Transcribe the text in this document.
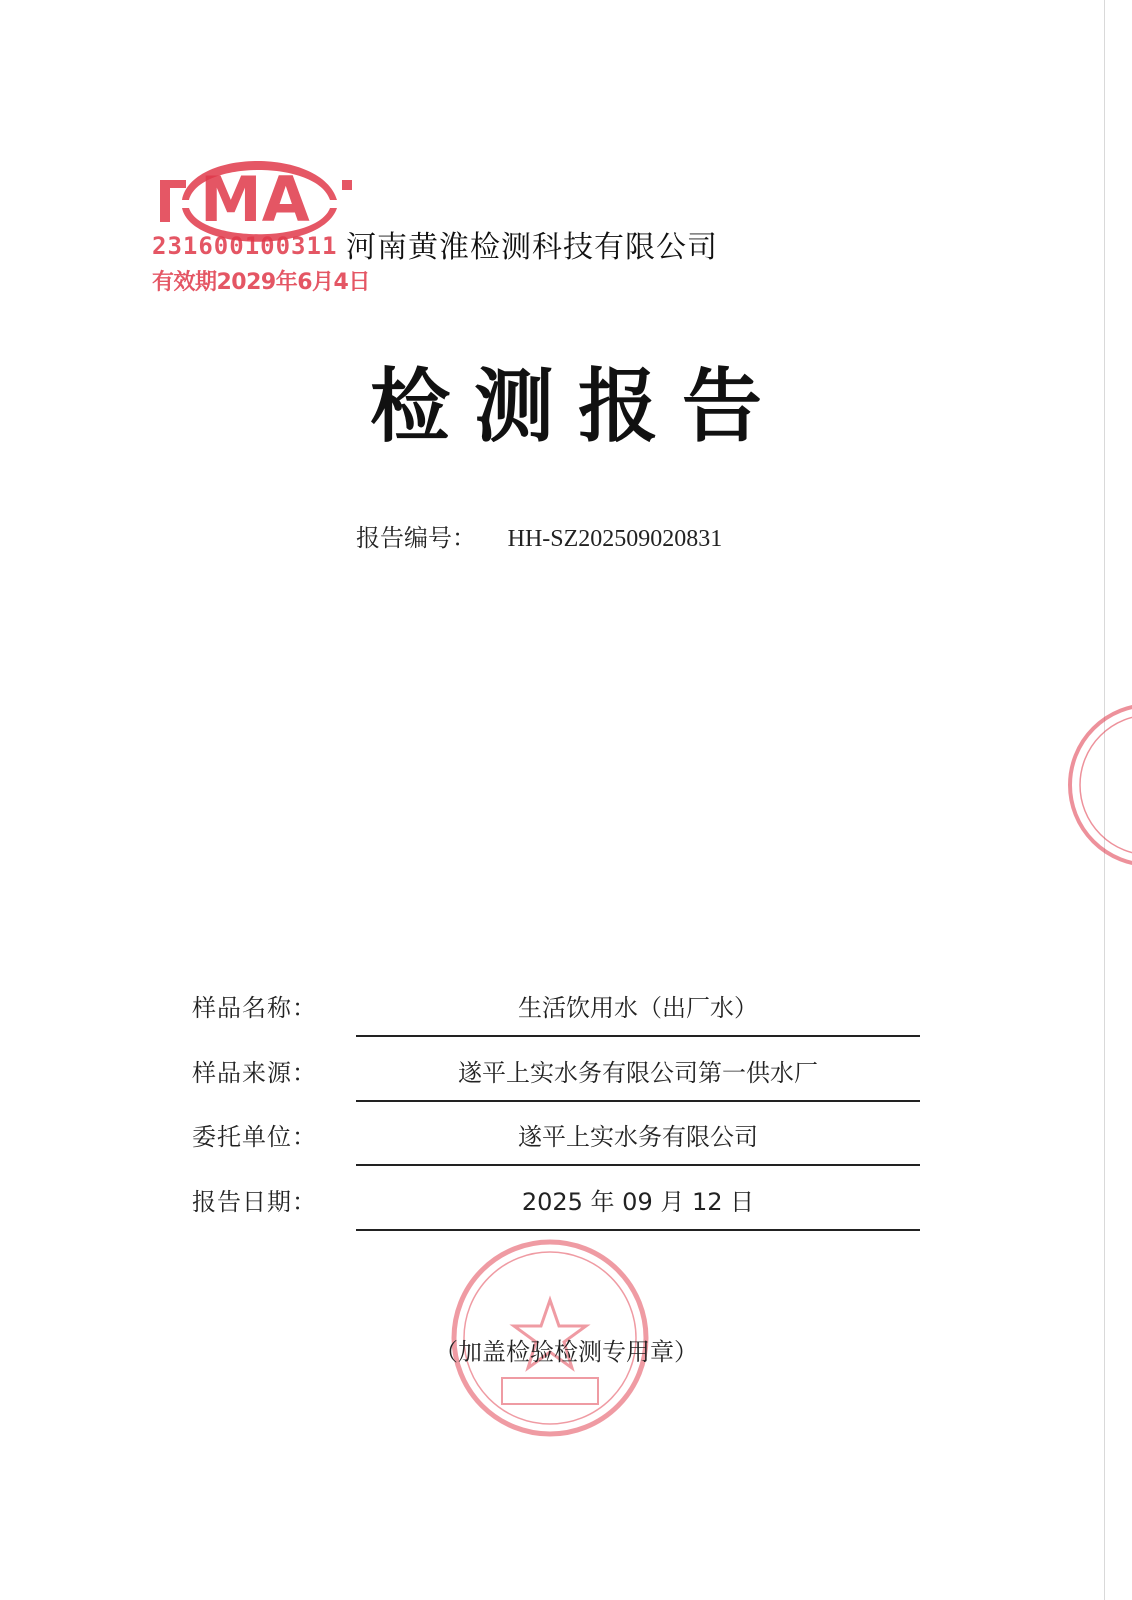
MA
231600100311
有效期2029年6月4日
河南黄淮检测科技有限公司
检测报告
报告编号： HH-SZ202509020831
样品名称：	生活饮用水（出厂水）
样品来源：	遂平上实水务有限公司第一供水厂
委托单位：	遂平上实水务有限公司
报告日期：	2025 年 09 月 12 日
（加盖检验检测专用章）
